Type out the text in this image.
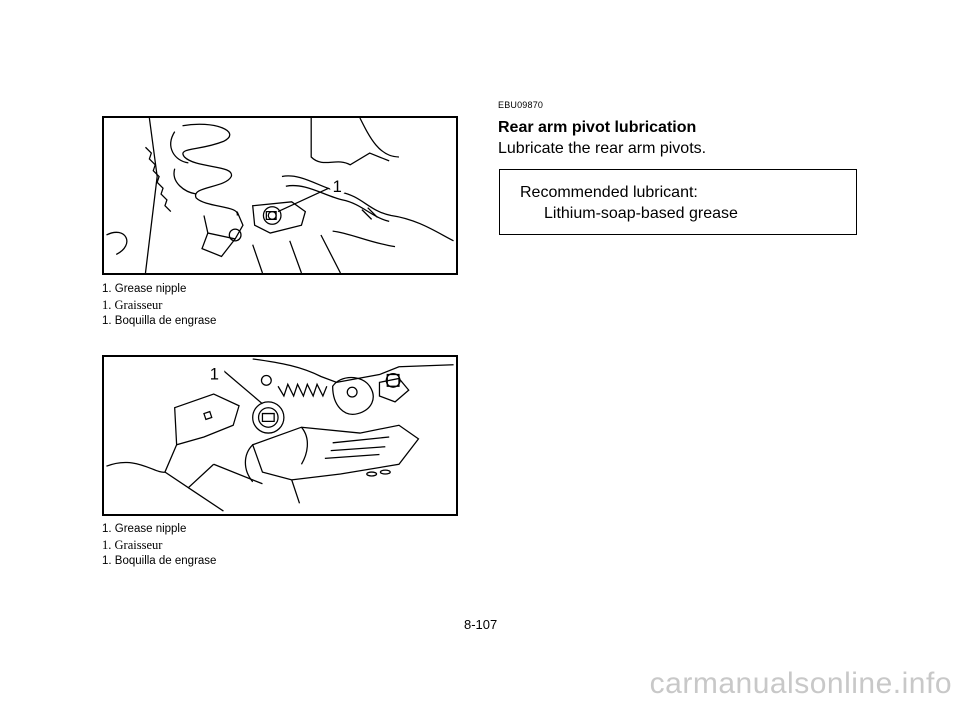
1
1. Grease nipple
1. Graisseur
1. Boquilla de engrase
1
1. Grease nipple
1. Graisseur
1. Boquilla de engrase
EBU09870
Rear arm pivot lubrication
Lubricate the rear arm pivots.
Recommended lubricant:
Lithium-soap-based grease
8-107
carmanualsonline.info
